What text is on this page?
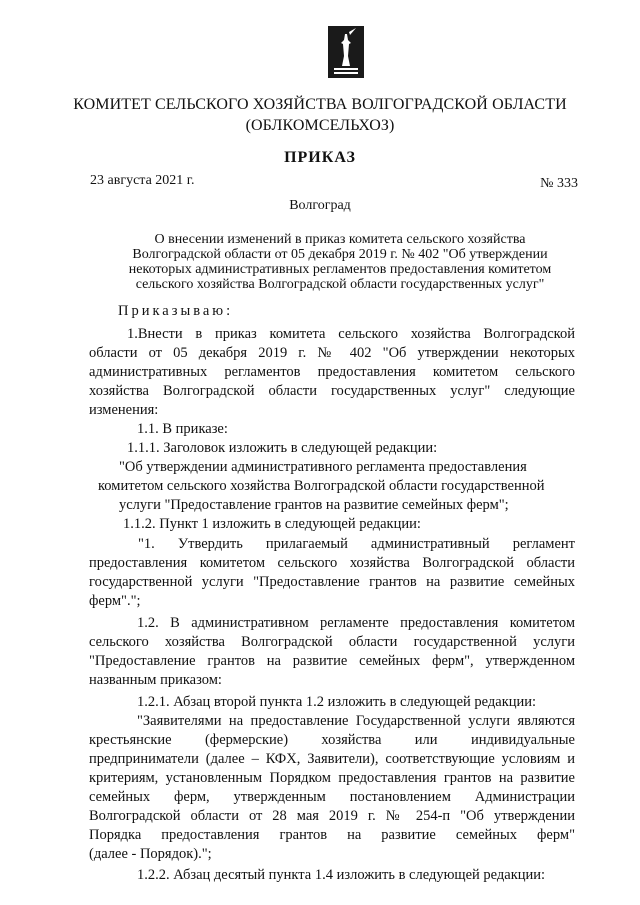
КОМИТЕТ СЕЛЬСКОГО ХОЗЯЙСТВА ВОЛГОГРАДСКОЙ ОБЛАСТИ
(ОБЛКОМСЕЛЬХОЗ)
ПРИКАЗ
23 августа 2021 г.	№ 333
Волгоград
О внесении изменений в приказ комитета сельского хозяйства
Волгоградской области от 05 декабря 2019 г. № 402 "Об утверждении
некоторых административных регламентов предоставления комитетом
сельского хозяйства Волгоградской области государственных услуг"
Приказываю:
1.Внести в приказ комитета сельского хозяйства Волгоградской
области от 05 декабря 2019 г. № 402 "Об утверждении некоторых
административных регламентов предоставления комитетом сельского
хозяйства Волгоградской области государственных услуг" следующие
изменения:
1.1. В приказе:
1.1.1. Заголовок изложить в следующей редакции:
"Об утверждении административного регламента предоставления
комитетом сельского хозяйства Волгоградской области государственной
услуги "Предоставление грантов на развитие семейных ферм";
1.1.2. Пункт 1 изложить в следующей редакции:
"1. Утвердить прилагаемый административный регламент
предоставления комитетом сельского хозяйства Волгоградской области
государственной услуги "Предоставление грантов на развитие семейных
ферм".";
1.2. В административном регламенте предоставления комитетом
сельского хозяйства Волгоградской области государственной услуги
"Предоставление грантов на развитие семейных ферм", утвержденном
названным приказом:
1.2.1. Абзац второй пункта 1.2 изложить в следующей редакции:
"Заявителями на предоставление Государственной услуги являются
крестьянские (фермерские) хозяйства или индивидуальные
предприниматели (далее – КФХ, Заявители), соответствующие условиям и
критериям, установленным Порядком предоставления грантов на развитие
семейных ферм, утвержденным постановлением Администрации
Волгоградской области от 28 мая 2019 г. № 254-п "Об утверждении
Порядка предоставления грантов на развитие семейных ферм"
(далее - Порядок).";
1.2.2. Абзац десятый пункта 1.4 изложить в следующей редакции:
